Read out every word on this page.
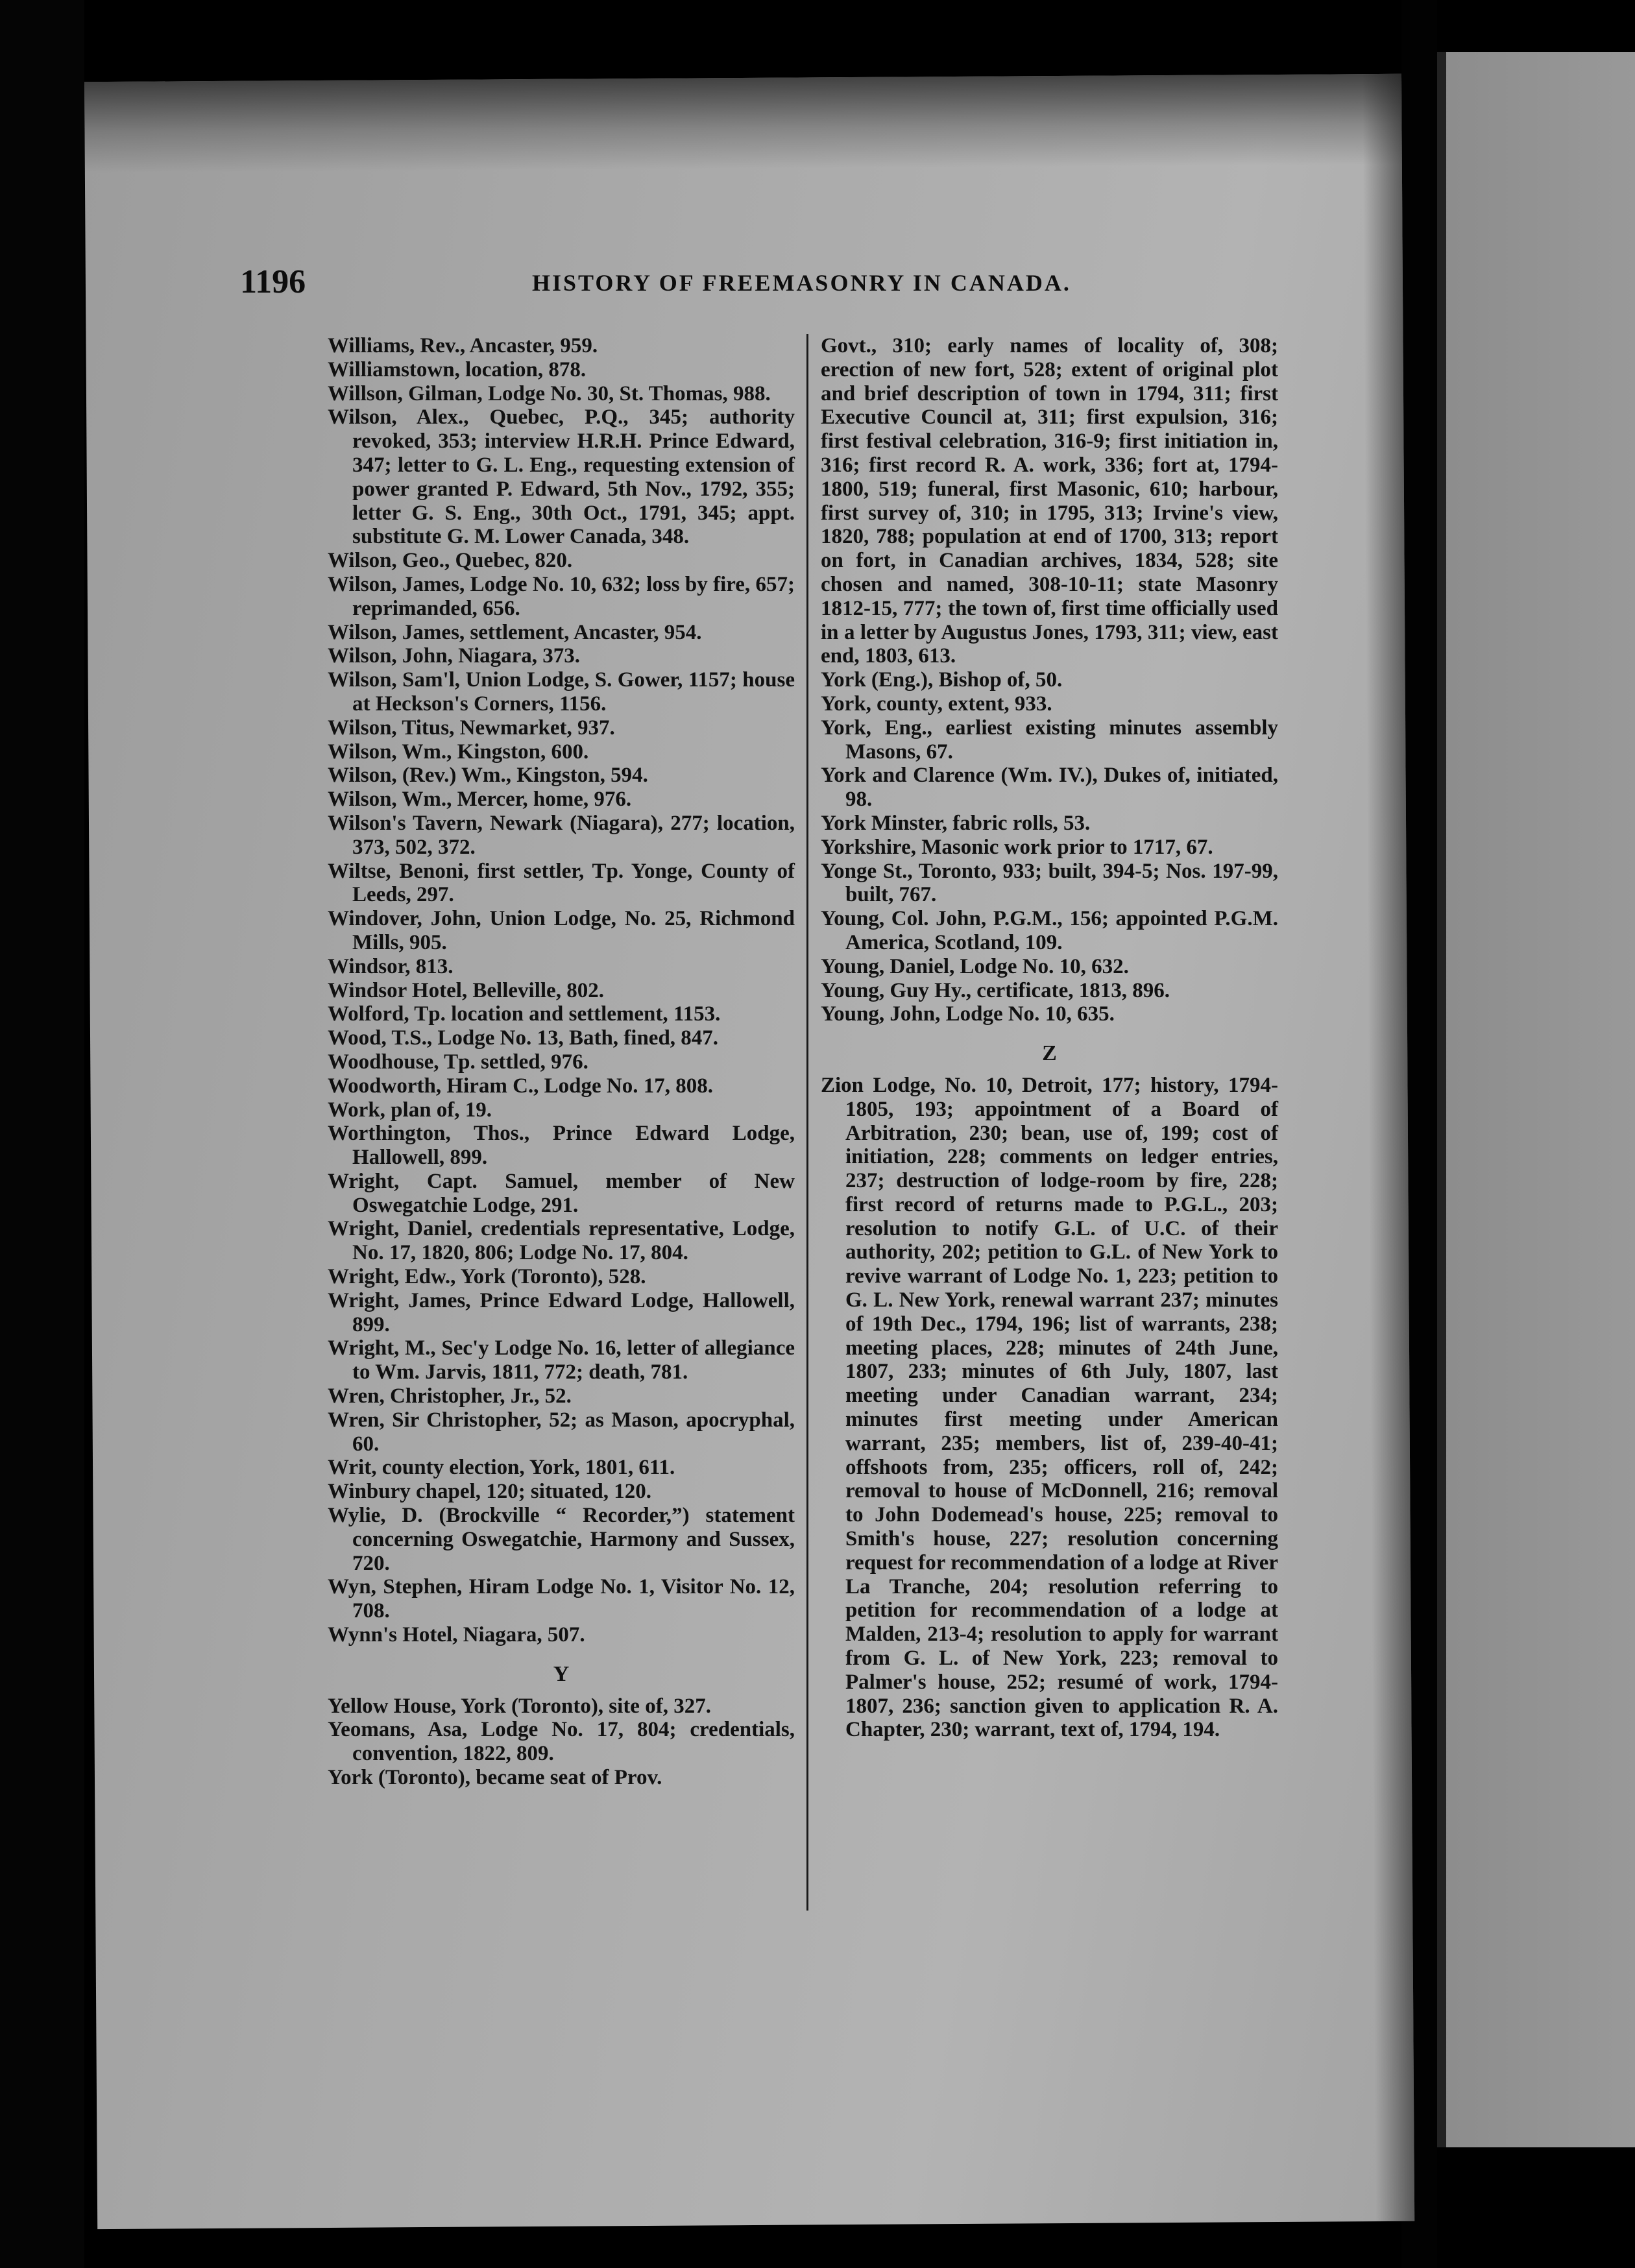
1196	HISTORY OF FREEMASONRY IN CANADA.

Williams, Rev., Ancaster, 959.

Williamstown, location, 878.

Willson, Gilman, Lodge No. 30, St. Thomas, 988.

Wilson, Alex., Quebec, P.Q., 345; authority revoked, 353; interview H.R.H. Prince Edward, 347; letter to G. L. Eng., requesting extension of power granted P. Edward, 5th Nov., 1792, 355; letter G. S. Eng., 30th Oct., 1791, 345; appt. substitute G. M. Lower Canada, 348.

Wilson, Geo., Quebec, 820.

Wilson, James, Lodge No. 10, 632; loss by fire, 657; reprimanded, 656.

Wilson, James, settlement, Ancaster, 954.

Wilson, John, Niagara, 373.

Wilson, Sam'l, Union Lodge, S. Gower, 1157; house at Heckson's Corners, 1156.

Wilson, Titus, Newmarket, 937.

Wilson, Wm., Kingston, 600.

Wilson, (Rev.) Wm., Kingston, 594.

Wilson, Wm., Mercer, home, 976.

Wilson's Tavern, Newark (Niagara), 277; location, 373, 502, 372.

Wiltse, Benoni, first settler, Tp. Yonge, County of Leeds, 297.

Windover, John, Union Lodge, No. 25, Richmond Mills, 905.

Windsor, 813.

Windsor Hotel, Belleville, 802.

Wolford, Tp. location and settlement, 1153.

Wood, T.S., Lodge No. 13, Bath, fined, 847.

Woodhouse, Tp. settled, 976.

Woodworth, Hiram C., Lodge No. 17, 808.

Work, plan of, 19.

Worthington, Thos., Prince Edward Lodge, Hallowell, 899.

Wright, Capt. Samuel, member of New Oswegatchie Lodge, 291.

Wright, Daniel, credentials representative, Lodge, No. 17, 1820, 806; Lodge No. 17, 804.

Wright, Edw., York (Toronto), 528.

Wright, James, Prince Edward Lodge, Hallowell, 899.

Wright, M., Sec'y Lodge No. 16, letter of allegiance to Wm. Jarvis, 1811, 772; death, 781.

Wren, Christopher, Jr., 52.

Wren, Sir Christopher, 52; as Mason, apocryphal, 60.

Writ, county election, York, 1801, 611.

Winbury chapel, 120; situated, 120.

Wylie, D. (Brockville “ Recorder,”) statement concerning Oswegatchie, Harmony and Sussex, 720.

Wyn, Stephen, Hiram Lodge No. 1, Visitor No. 12, 708.

Wynn's Hotel, Niagara, 507.

Y

Yellow House, York (Toronto), site of, 327.

Yeomans, Asa, Lodge No. 17, 804; credentials, convention, 1822, 809.

York (Toronto), became seat of Prov.

Govt., 310; early names of locality of, 308; erection of new fort, 528; extent of original plot and brief description of town in 1794, 311; first Executive Council at, 311; first expulsion, 316; first festival celebration, 316-9; first initiation in, 316; first record R. A. work, 336; fort at, 1794-1800, 519; funeral, first Masonic, 610; harbour, first survey of, 310; in 1795, 313; Irvine's view, 1820, 788; population at end of 1700, 313; report on fort, in Canadian archives, 1834, 528; site chosen and named, 308-10-11; state Masonry 1812-15, 777; the town of, first time officially used in a letter by Augustus Jones, 1793, 311; view, east end, 1803, 613.

York (Eng.), Bishop of, 50.

York, county, extent, 933.

York, Eng., earliest existing minutes assembly Masons, 67.

York and Clarence (Wm. IV.), Dukes of, initiated, 98.

York Minster, fabric rolls, 53.

Yorkshire, Masonic work prior to 1717, 67.

Yonge St., Toronto, 933; built, 394-5; Nos. 197-99, built, 767.

Young, Col. John, P.G.M., 156; appointed P.G.M. America, Scotland, 109.

Young, Daniel, Lodge No. 10, 632.

Young, Guy Hy., certificate, 1813, 896.

Young, John, Lodge No. 10, 635.

Z

Zion Lodge, No. 10, Detroit, 177; history, 1794-1805, 193; appointment of a Board of Arbitration, 230; bean, use of, 199; cost of initiation, 228; comments on ledger entries, 237; destruction of lodge-room by fire, 228; first record of returns made to P.G.L., 203; resolution to notify G.L. of U.C. of their authority, 202; petition to G.L. of New York to revive warrant of Lodge No. 1, 223; petition to G. L. New York, renewal warrant 237; minutes of 19th Dec., 1794, 196; list of warrants, 238; meeting places, 228; minutes of 24th June, 1807, 233; minutes of 6th July, 1807, last meeting under Canadian warrant, 234; minutes first meeting under American warrant, 235; members, list of, 239-40-41; offshoots from, 235; officers, roll of, 242; removal to house of McDonnell, 216; removal to John Dodemead's house, 225; removal to Smith's house, 227; resolution concerning request for recommendation of a lodge at River La Tranche, 204; resolution referring to petition for recommendation of a lodge at Malden, 213-4; resolution to apply for warrant from G. L. of New York, 223; removal to Palmer's house, 252; resumé of work, 1794-1807, 236; sanction given to application R. A. Chapter, 230; warrant, text of, 1794, 194.
